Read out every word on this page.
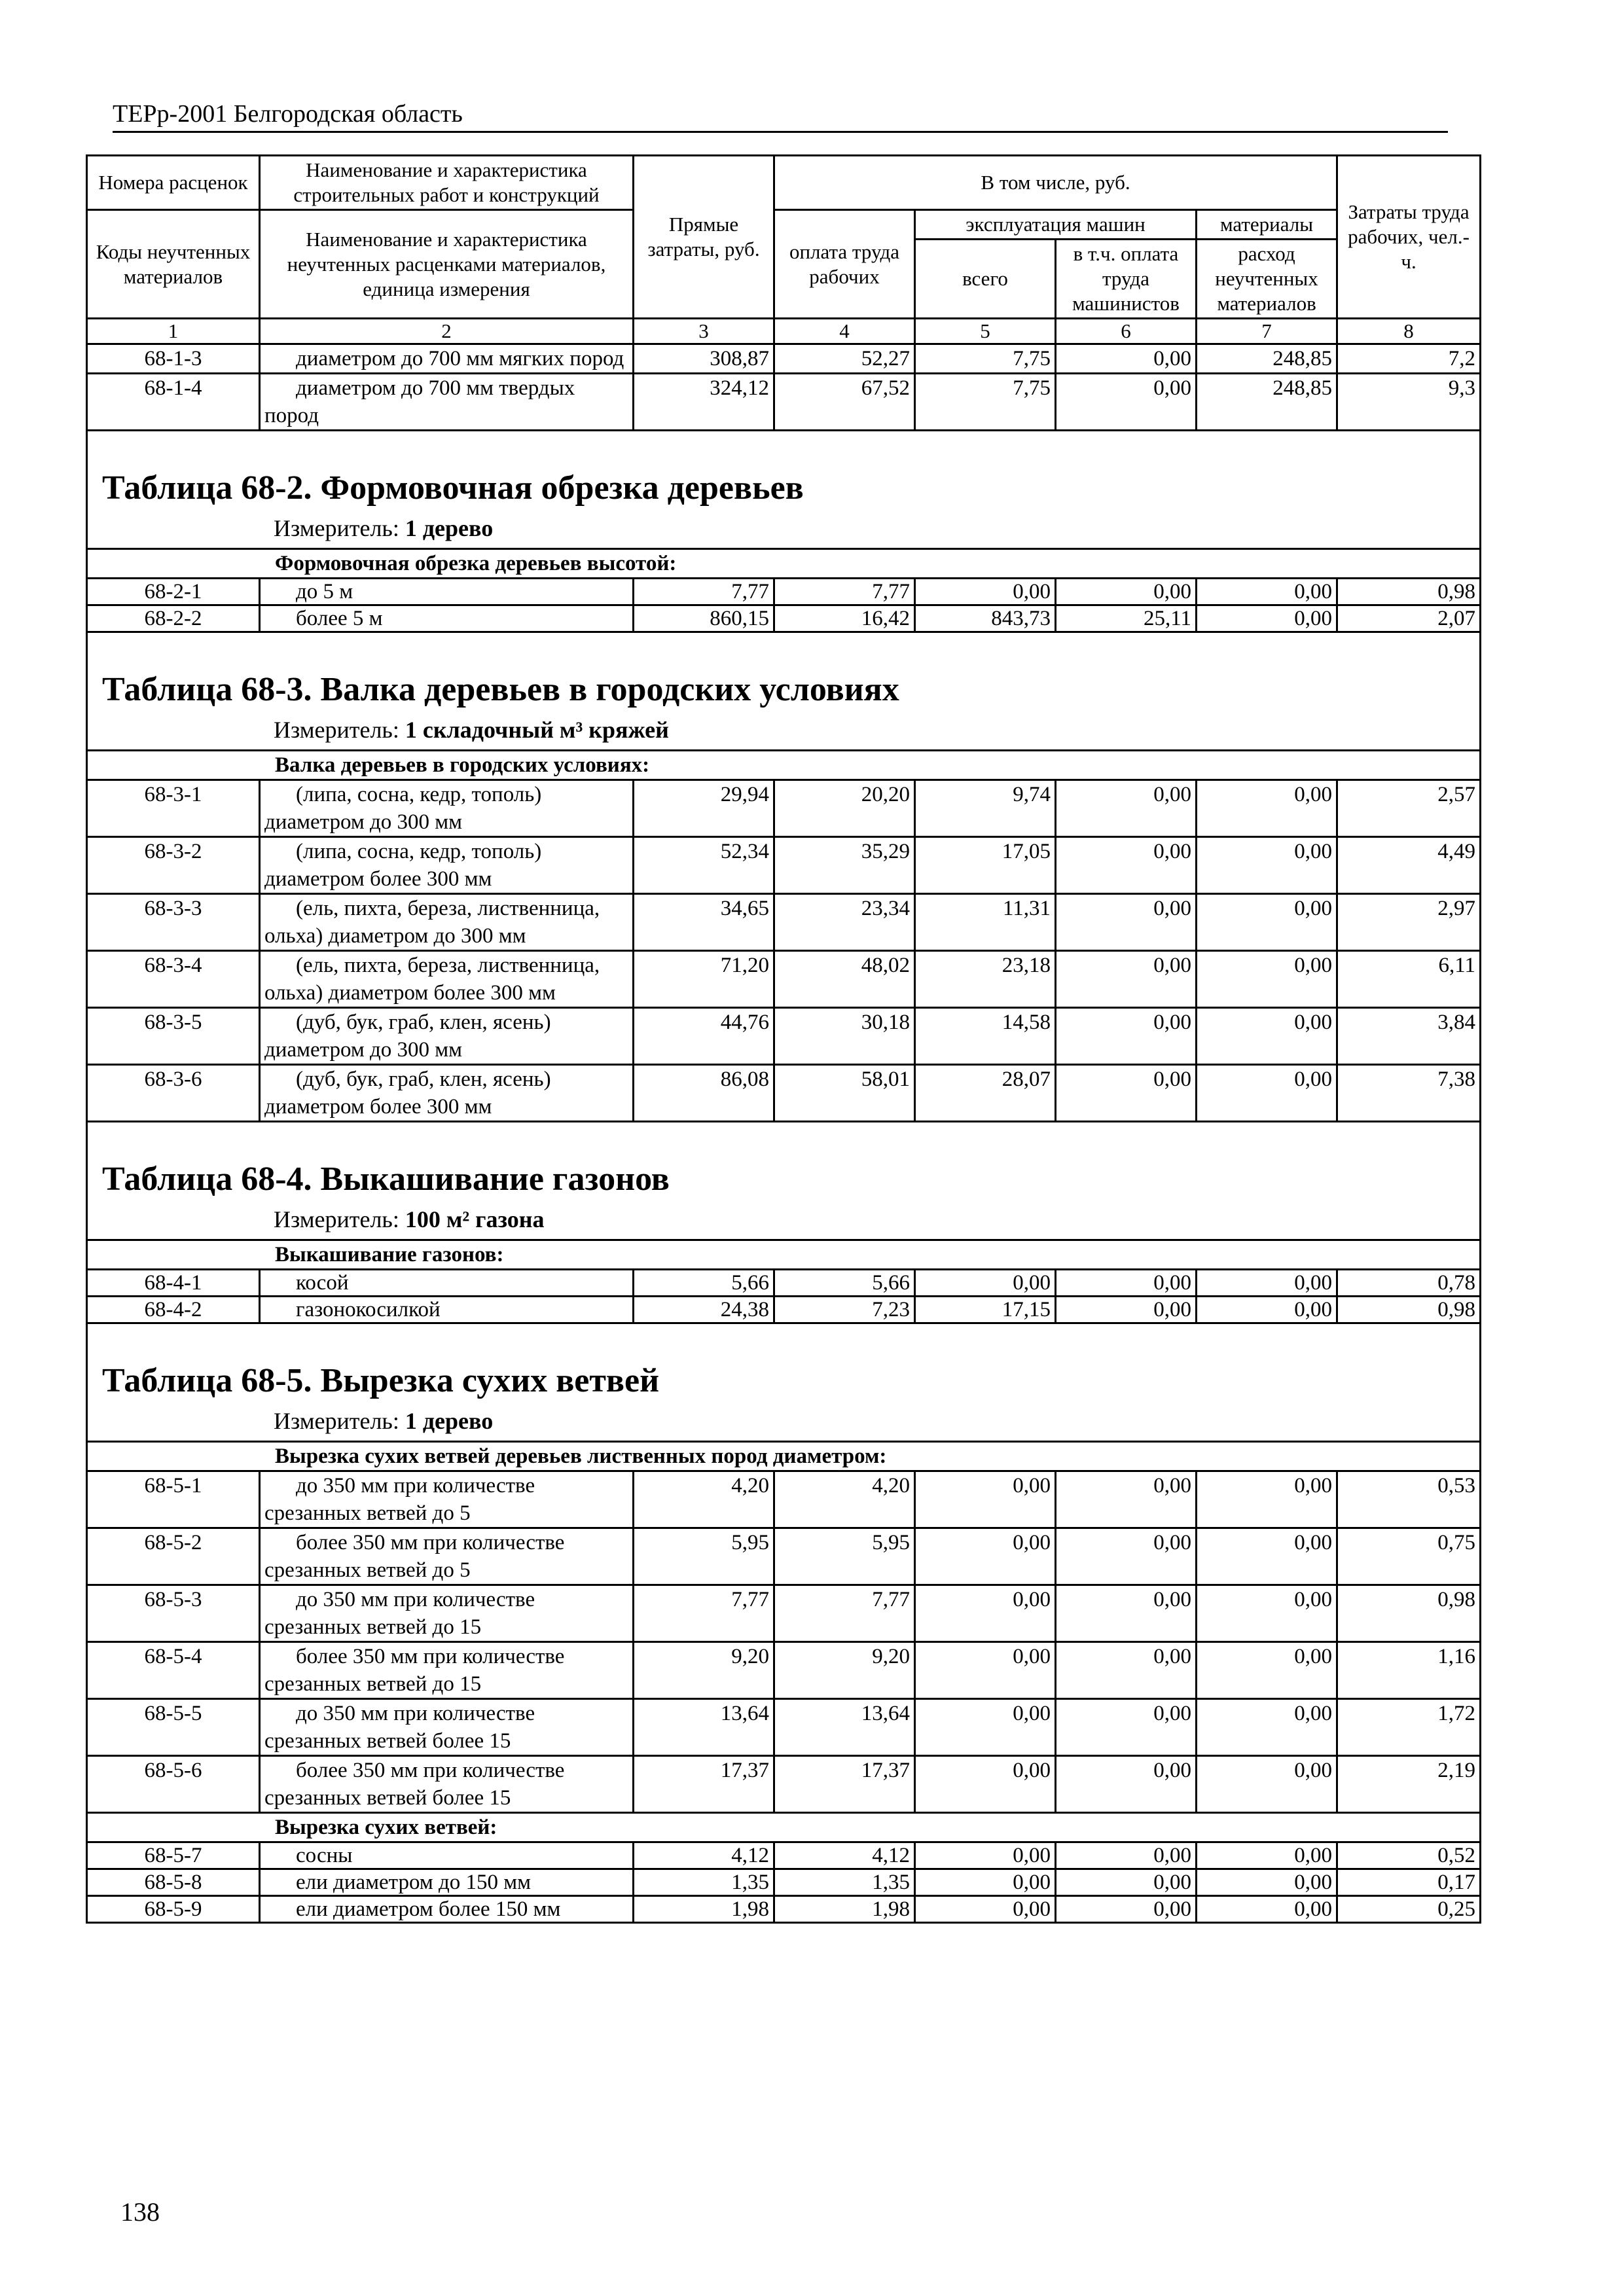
ТЕРр-2001 Белгородская область
Номера расценок	Наименование и характеристика строительных работ и конструкций	Прямые затраты, руб.	В том числе, руб.				Затраты труда рабочих, чел.-ч.
Коды неучтенных материалов	Наименование и характеристика неучтенных расценками материалов, единица измерения		оплата труда рабочих	эксплуатация машин		материалы	
				всего	в т.ч. оплата труда машинистов	расход неучтенных материалов	
1	2	3	4	5	6	7	8
68-1-3	диаметром до 700 мм мягких пород	308,87	52,27	7,75	0,00	248,85	7,2
68-1-4	диаметром до 700 мм твердых пород	324,12	67,52	7,75	0,00	248,85	9,3

Таблица 68-2. Формовочная обрезка деревьев
Измеритель: 1 дерево							

Формовочная обрезка деревьев высотой:							
68-2-1	до 5 м	7,77	7,77	0,00	0,00	0,00	0,98
68-2-2	более 5 м	860,15	16,42	843,73	25,11	0,00	2,07

Таблица 68-3. Валка деревьев в городских условиях
Измеритель: 1 складочный м³ кряжей							

Валка деревьев в городских условиях:							
68-3-1	(липа, сосна, кедр, тополь) диаметром до 300 мм	29,94	20,20	9,74	0,00	0,00	2,57
68-3-2	(липа, сосна, кедр, тополь) диаметром более 300 мм	52,34	35,29	17,05	0,00	0,00	4,49
68-3-3	(ель, пихта, береза, лиственница, ольха) диаметром до 300 мм	34,65	23,34	11,31	0,00	0,00	2,97
68-3-4	(ель, пихта, береза, лиственница, ольха) диаметром более 300 мм	71,20	48,02	23,18	0,00	0,00	6,11
68-3-5	(дуб, бук, граб, клен, ясень) диаметром до 300 мм	44,76	30,18	14,58	0,00	0,00	3,84
68-3-6	(дуб, бук, граб, клен, ясень) диаметром более 300 мм	86,08	58,01	28,07	0,00	0,00	7,38

Таблица 68-4. Выкашивание газонов
Измеритель: 100 м² газона							

Выкашивание газонов:							
68-4-1	косой	5,66	5,66	0,00	0,00	0,00	0,78
68-4-2	газонокосилкой	24,38	7,23	17,15	0,00	0,00	0,98

Таблица 68-5. Вырезка сухих ветвей
Измеритель: 1 дерево							

Вырезка сухих ветвей деревьев лиственных пород диаметром:							
68-5-1	до 350 мм при количестве срезанных ветвей до 5	4,20	4,20	0,00	0,00	0,00	0,53
68-5-2	более 350 мм при количестве срезанных ветвей до 5	5,95	5,95	0,00	0,00	0,00	0,75
68-5-3	до 350 мм при количестве срезанных ветвей до 15	7,77	7,77	0,00	0,00	0,00	0,98
68-5-4	более 350 мм при количестве срезанных ветвей до 15	9,20	9,20	0,00	0,00	0,00	1,16
68-5-5	до 350 мм при количестве срезанных ветвей более 15	13,64	13,64	0,00	0,00	0,00	1,72
68-5-6	более 350 мм при количестве срезанных ветвей более 15	17,37	17,37	0,00	0,00	0,00	2,19
Вырезка сухих ветвей:							
68-5-7	сосны	4,12	4,12	0,00	0,00	0,00	0,52
68-5-8	ели диаметром до 150 мм	1,35	1,35	0,00	0,00	0,00	0,17
68-5-9	ели диаметром более 150 мм	1,98	1,98	0,00	0,00	0,00	0,25
138
